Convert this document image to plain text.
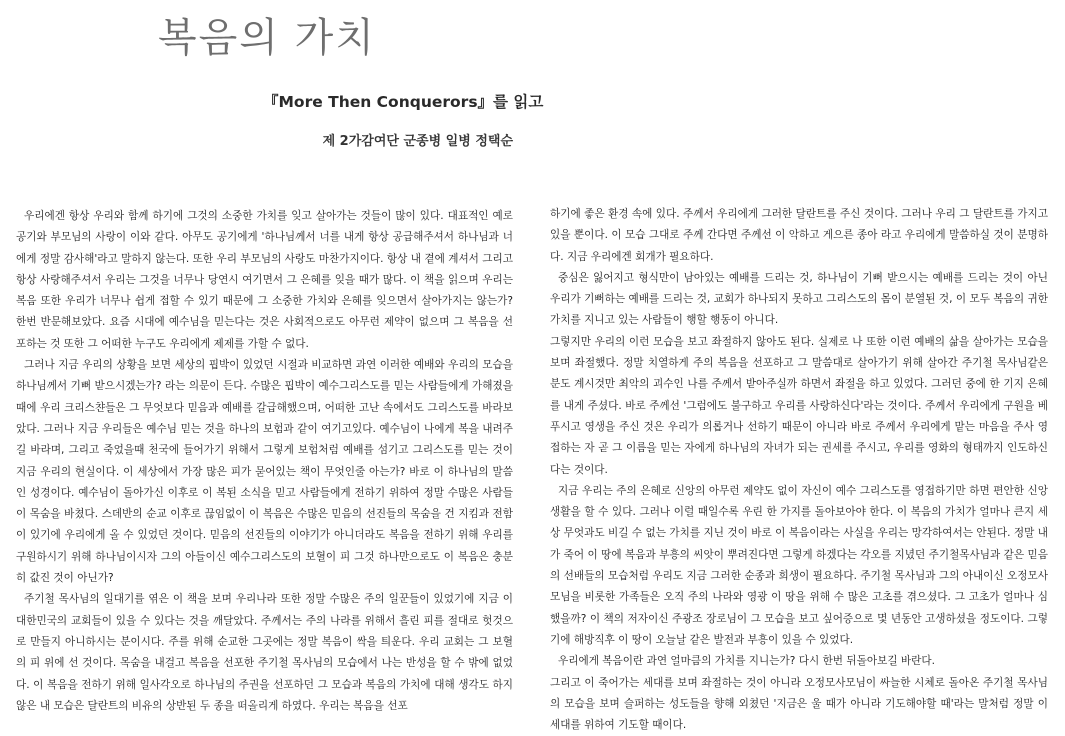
복음의 가치
『More Then Conquerors』를 읽고
제 2가감여단 군종병 일병 정택순

우리에겐 항상 우리와 함께 하기에 그것의 소중한 가치를 잊고 살아가는 것들이 많이 있다. 대표적인 예로 공기와 부모님의 사랑이 이와 같다. 아무도 공기에게 '하나님께서 너를 내게 항상 공급해주셔서 하나님과 너에게 정말 감사해'라고 말하지 않는다. 또한 우리 부모님의 사랑도 마찬가지이다. 항상 내 곁에 계셔서 그리고 항상 사랑해주셔서 우리는 그것을 너무나 당연시 여기면서 그 은혜를 잊을 때가 많다. 이 책을 읽으며 우리는 복음 또한 우리가 너무나 쉽게 접할 수 있기 때문에 그 소중한 가치와 은혜를 잊으면서 살아가지는 않는가? 한번 반문해보았다. 요즘 시대에 예수님을 믿는다는 것은 사회적으로도 아무런 제약이 없으며 그 복음을 선포하는 것 또한 그 어떠한 누구도 우리에게 제제를 가할 수 없다.

그러나 지금 우리의 상황을 보면 세상의 핍박이 있었던 시절과 비교하면 과연 이러한 예배와 우리의 모습을 하나님께서 기뻐 받으시겠는가? 라는 의문이 든다. 수많은 핍박이 예수그리스도를 믿는 사람들에게 가해졌을때에 우리 크리스챤들은 그 무엇보다 믿음과 예배를 갈급해했으며, 어떠한 고난 속에서도 그리스도를 바라보았다. 그러나 지금 우리들은 예수님 믿는 것을 하나의 보험과 같이 여기고있다. 예수님이 나에게 복을 내려주길 바라며, 그리고 죽었을때 천국에 들어가기 위해서 그렇게 보험처럼 예배를 섬기고 그리스도를 믿는 것이 지금 우리의 현실이다. 이 세상에서 가장 많은 피가 묻어있는 책이 무엇인줄 아는가? 바로 이 하나님의 말씀인 성경이다. 예수님이 돌아가신 이후로 이 복된 소식을 믿고 사람들에게 전하기 위하여 정말 수많은 사람들이 목숨을 바쳤다. 스데반의 순교 이후로 끊임없이 이 복음은 수많은 믿음의 선진들의 목숨을 건 지킴과 전함이 있기에 우리에게 올 수 있었던 것이다. 믿음의 선진들의 이야기가 아니더라도 복음을 전하기 위해 우리를 구원하시기 위해 하나님이시자 그의 아들이신 예수그리스도의 보혈이 피 그것 하나만으로도 이 복음은 충분히 값진 것이 아닌가?

주기철 목사님의 일대기를 엮은 이 책을 보며 우리나라 또한 정말 수많은 주의 일꾼들이 있었기에 지금 이 대한민국의 교회들이 있을 수 있다는 것을 깨달았다. 주께서는 주의 나라를 위해서 흘린 피를 절대로 헛것으로 만들지 아니하시는 분이시다. 주를 위해 순교한 그곳에는 정말 복음이 싹을 틔운다. 우리 교회는 그 보혈의 피 위에 선 것이다. 목숨을 내걸고 복음을 선포한 주기철 목사님의 모습에서 나는 반성을 할 수 밖에 없었다. 이 복음을 전하기 위해 일사각오로 하나님의 주권을 선포하던 그 모습과 복음의 가치에 대해 생각도 하지 않은 내 모습은 달란트의 비유의 상반된 두 종을 떠올리게 하였다. 우리는 복음을 선포

하기에 좋은 환경 속에 있다. 주께서 우리에게 그러한 달란트를 주신 것이다. 그러나 우리 그 달란트를 가지고 있을 뿐이다. 이 모습 그대로 주께 간다면 주께선 이 악하고 게으른 종아 라고 우리에게 말씀하실 것이 분명하다. 지금 우리에겐 회개가 필요하다.

중심은 잃어지고 형식만이 남아있는 예배를 드리는 것, 하나님이 기뻐 받으시는 예배를 드리는 것이 아닌 우리가 기뻐하는 예배를 드리는 것, 교회가 하나되지 못하고 그리스도의 몸이 분열된 것, 이 모두 복음의 귀한 가치를 지니고 있는 사람들이 행할 행동이 아니다.

그렇지만 우리의 이런 모습을 보고 좌절하지 않아도 된다. 실제로 나 또한 이런 예배의 삶을 살아가는 모습을 보며 좌절했다. 정말 치열하게 주의 복음을 선포하고 그 말씀대로 살아가기 위해 살아간 주기철 목사님같은 분도 계시것만 최악의 괴수인 나를 주께서 받아주실까 하면서 좌절을 하고 있었다. 그러던 중에 한 기지 은혜를 내게 주셨다. 바로 주께선 '그럼에도 불구하고 우리를 사랑하신다'라는 것이다. 주께서 우리에게 구원을 베푸시고 영생을 주신 것은 우리가 의롭거나 선하기 때문이 아니라 바로 주께서 우리에게 맡는 마음을 주사 영접하는 자 곧 그 이름을 믿는 자에게 하나님의 자녀가 되는 권세를 주시고, 우리를 영화의 형태까지 인도하신다는 것이다.

지금 우리는 주의 은혜로 신앙의 아무런 제약도 없이 자신이 예수 그리스도를 영접하기만 하면 편안한 신앙생활을 할 수 있다. 그러나 이럴 때일수록 우린 한 가지를 돌아보아야 한다. 이 복음의 가치가 얼마나 큰지 세상 무엇과도 비길 수 없는 가치를 지닌 것이 바로 이 복음이라는 사실을 우리는 망각하여서는 안된다. 정말 내가 죽어 이 땅에 복음과 부흥의 씨앗이 뿌려진다면 그렇게 하겠다는 각오를 지녔던 주기철목사님과 같은 믿음의 선배들의 모습처럼 우리도 지금 그러한 순종과 희생이 필요하다. 주기철 목사님과 그의 아내이신 오정모사모님을 비롯한 가족들은 오직 주의 나라와 영광 이 땅을 위해 수 많은 고초를 겪으셨다. 그 고초가 얼마나 심했을까? 이 책의 저자이신 주광조 장로님이 그 모습을 보고 싶어증으로 몇 년동안 고생하셨을 정도이다. 그렇기에 해방직후 이 땅이 오늘날 같은 발전과 부흥이 있을 수 있었다.

우리에게 복음이란 과연 얼마큼의 가치를 지니는가? 다시 한번 뒤돌아보길 바란다.

그리고 이 죽어가는 세대를 보며 좌절하는 것이 아니라 오정모사모님이 싸늘한 시체로 돌아온 주기철 목사님의 모습을 보며 슬퍼하는 성도들을 향해 외쳤던 '지금은 울 때가 아니라 기도해야할 때'라는 말처럼 정말 이 세대를 위하여 기도할 때이다.
